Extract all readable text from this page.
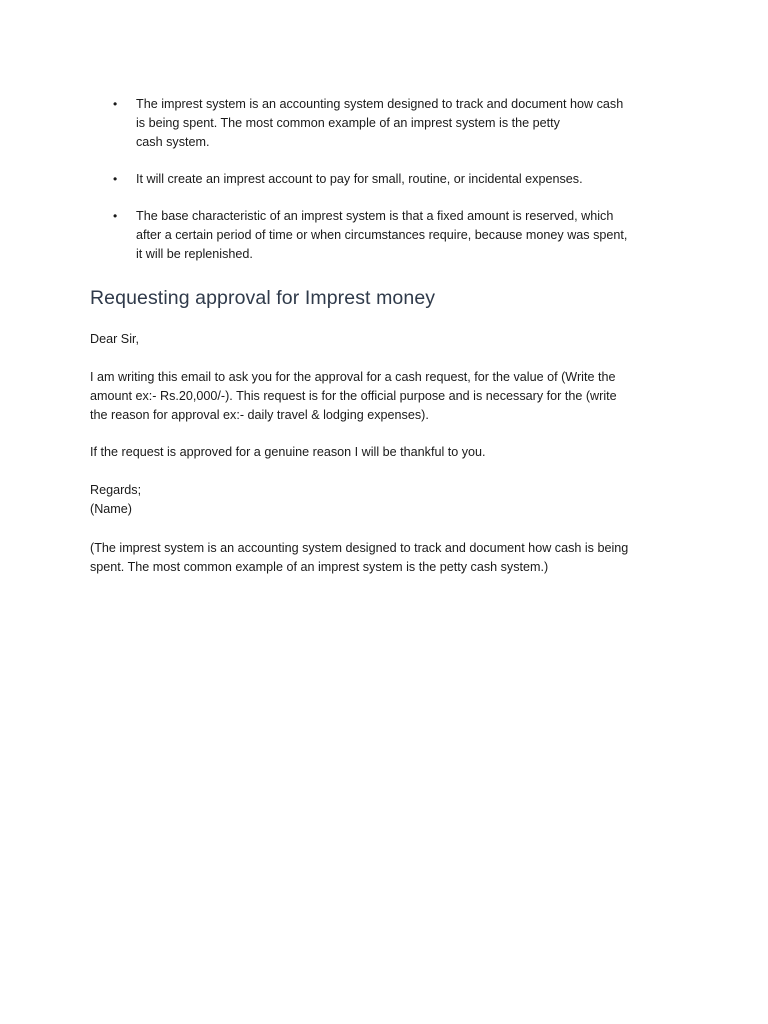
• The imprest system is an accounting system designed to track and document how cash
is being spent. The most common example of an imprest system is the petty
cash system.
• It will create an imprest account to pay for small, routine, or incidental expenses.
• The base characteristic of an imprest system is that a fixed amount is reserved, which
after a certain period of time or when circumstances require, because money was spent,
it will be replenished.
Requesting approval for Imprest money

Dear Sir,

I am writing this email to ask you for the approval for a cash request, for the value of (Write the
amount ex:- Rs.20,000/-). This request is for the official purpose and is necessary for the (write
the reason for approval ex:- daily travel & lodging expenses).

If the request is approved for a genuine reason I will be thankful to you.

Regards;
(Name)

(The imprest system is an accounting system designed to track and document how cash is being
spent. The most common example of an imprest system is the petty cash system.)
